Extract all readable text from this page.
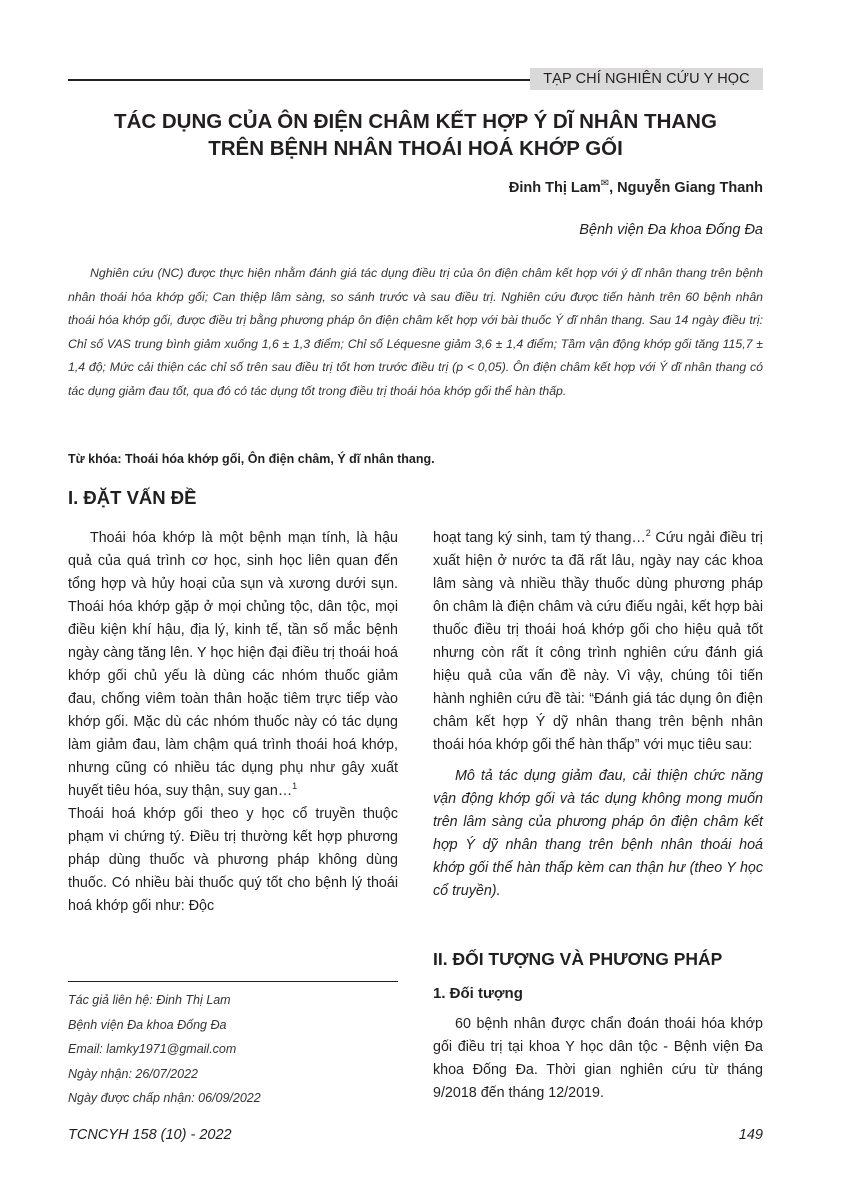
TẠP CHÍ NGHIÊN CỨU Y HỌC
TÁC DỤNG CỦA ÔN ĐIỆN CHÂM KẾT HỢP Ý DĨ NHÂN THANG
TRÊN BỆNH NHÂN THOÁI HOÁ KHỚP GỐI
Đinh Thị Lam✉, Nguyễn Giang Thanh
Bệnh viện Đa khoa Đống Đa
Nghiên cứu (NC) được thực hiện nhằm đánh giá tác dụng điều trị của ôn điện châm kết hợp với ý dĩ nhân thang trên bệnh nhân thoái hóa khớp gối; Can thiệp lâm sàng, so sánh trước và sau điều trị. Nghiên cứu được tiến hành trên 60 bệnh nhân thoái hóa khớp gối, được điều trị bằng phương pháp ôn điện châm kết hợp với bài thuốc Ý dĩ nhân thang. Sau 14 ngày điều trị: Chỉ số VAS trung bình giảm xuống 1,6 ± 1,3 điểm; Chỉ số Léquesne giảm 3,6 ± 1,4 điểm; Tầm vận động khớp gối tăng 115,7 ± 1,4 độ; Mức cải thiện các chỉ số trên sau điều trị tốt hơn trước điều trị (p < 0,05). Ôn điện châm kết hợp với Ý dĩ nhân thang có tác dụng giảm đau tốt, qua đó có tác dụng tốt trong điều trị thoái hóa khớp gối thể hàn thấp.
Từ khóa: Thoái hóa khớp gối, Ôn điện châm, Ý dĩ nhân thang.
I. ĐẶT VẤN ĐỀ

Thoái hóa khớp là một bệnh mạn tính, là hậu quả của quá trình cơ học, sinh học liên quan đến tổng hợp và hủy hoại của sụn và xương dưới sụn. Thoái hóa khớp gặp ở mọi chủng tộc, dân tộc, mọi điều kiện khí hậu, địa lý, kinh tế, tần số mắc bệnh ngày càng tăng lên. Y học hiện đại điều trị thoái hoá khớp gối chủ yếu là dùng các nhóm thuốc giảm đau, chống viêm toàn thân hoặc tiêm trực tiếp vào khớp gối. Mặc dù các nhóm thuốc này có tác dụng làm giảm đau, làm chậm quá trình thoái hoá khớp, nhưng cũng có nhiều tác dụng phụ như gây xuất huyết tiêu hóa, suy thận, suy gan…$^1$

Thoái hoá khớp gối theo y học cổ truyền thuộc phạm vi chứng tý. Điều trị thường kết hợp phương pháp dùng thuốc và phương pháp không dùng thuốc. Có nhiều bài thuốc quý tốt cho bệnh lý thoái hoá khớp gối như: Độc

hoạt tang ký sinh, tam tý thang…$^2$ Cứu ngải điều trị xuất hiện ở nước ta đã rất lâu, ngày nay các khoa lâm sàng và nhiều thầy thuốc dùng phương pháp ôn châm là điện châm và cứu điếu ngải, kết hợp bài thuốc điều trị thoái hoá khớp gối cho hiệu quả tốt nhưng còn rất ít công trình nghiên cứu đánh giá hiệu quả của vấn đề này. Vì vậy, chúng tôi tiến hành nghiên cứu đề tài: “Đánh giá tác dụng ôn điện châm kết hợp Ý dỹ nhân thang trên bệnh nhân thoái hóa khớp gối thể hàn thấp” với mục tiêu sau:

Mô tả tác dụng giảm đau, cải thiện chức năng vận động khớp gối và tác dụng không mong muốn trên lâm sàng của phương pháp ôn điện châm kết hợp Ý dỹ nhân thang trên bệnh nhân thoái hoá khớp gối thể hàn thấp kèm can thận hư (theo Y học cổ truyền).

II. ĐỐI TƯỢNG VÀ PHƯƠNG PHÁP
1. Đối tượng

60 bệnh nhân được chẩn đoán thoái hóa khớp gối điều trị tại khoa Y học dân tộc - Bệnh viện Đa khoa Đống Đa. Thời gian nghiên cứu từ tháng 9/2018 đến tháng 12/2019.

Tác giả liên hệ: Đinh Thị Lam
Bệnh viện Đa khoa Đống Đa
Email: lamky1971@gmail.com
Ngày nhận: 26/07/2022
Ngày được chấp nhận: 06/09/2022
TCNCYH 158 (10) - 2022	149
